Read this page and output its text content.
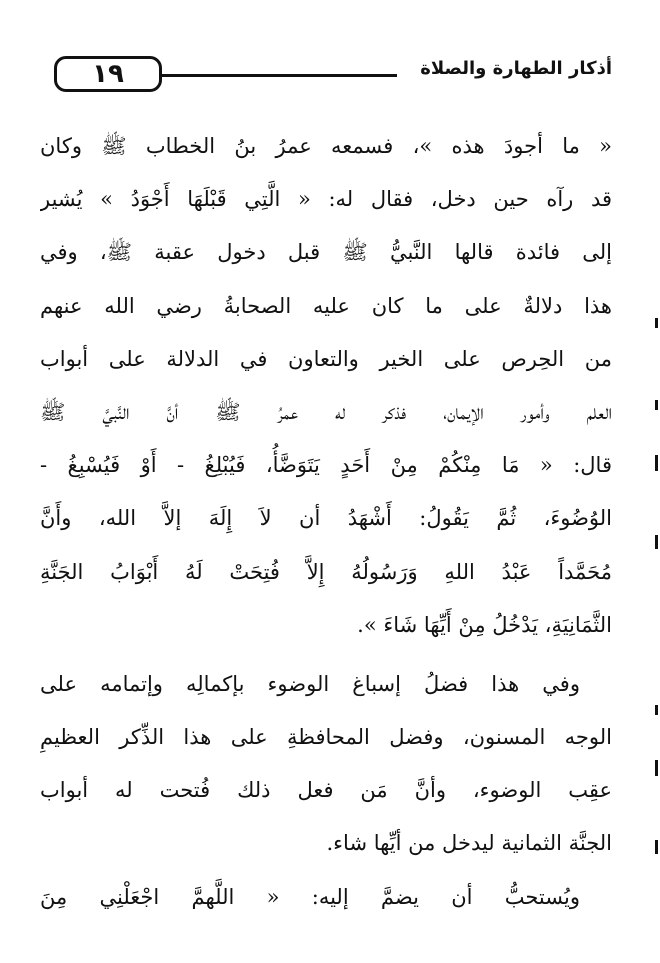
١٩	أذكار الطهارة والصلاة
« ما أجودَ هذه »، فسمعه عمرُ بنُ الخطاب ﷺ وكان
قد رآه حين دخل، فقال له: « الَّتِي قَبْلَهَا أَجْوَدُ » يُشير
إلى فائدة قالها النَّبيُّ ﷺ قبل دخول عقبة ﷺ، وفي
هذا دلالةٌ على ما كان عليه الصحابةُ رضي الله عنهم
من الحِرص على الخير والتعاون في الدلالة على أبواب
العلم وأمور الإيمان، فذكر له عمرُ ﷺ أنَّ النَّبيَّ ﷺ
قال: « مَا مِنْكُمْ مِنْ أَحَدٍ يَتَوَضَّأُ، فَيُبْلِغُ - أَوْ فَيُسْبِغُ -
الوُضُوءَ، ثُمَّ يَقُولُ: أَشْهَدُ أن لاَ إِلَهَ إلاَّ الله، وأَنَّ
مُحَمَّداً عَبْدُ اللهِ وَرَسُولُهُ إِلاَّ فُتِحَتْ لَهُ أَبْوَابُ الجَنَّةِ
الثَّمَانِيَةِ، يَدْخُلُ مِنْ أَيِّهَا شَاءَ ».
وفي هذا فضلُ إسباغ الوضوء بإكمالِه وإتمامه على
الوجه المسنون، وفضل المحافظةِ على هذا الذِّكر العظيمِ
عقِب الوضوء، وأنَّ مَن فعل ذلك فُتحت له أبواب
الجنَّة الثمانية ليدخل من أيِّها شاء.
ويُستحبُّ أن يضمَّ إليه: « اللَّهمَّ اجْعَلْنِي مِنَ
